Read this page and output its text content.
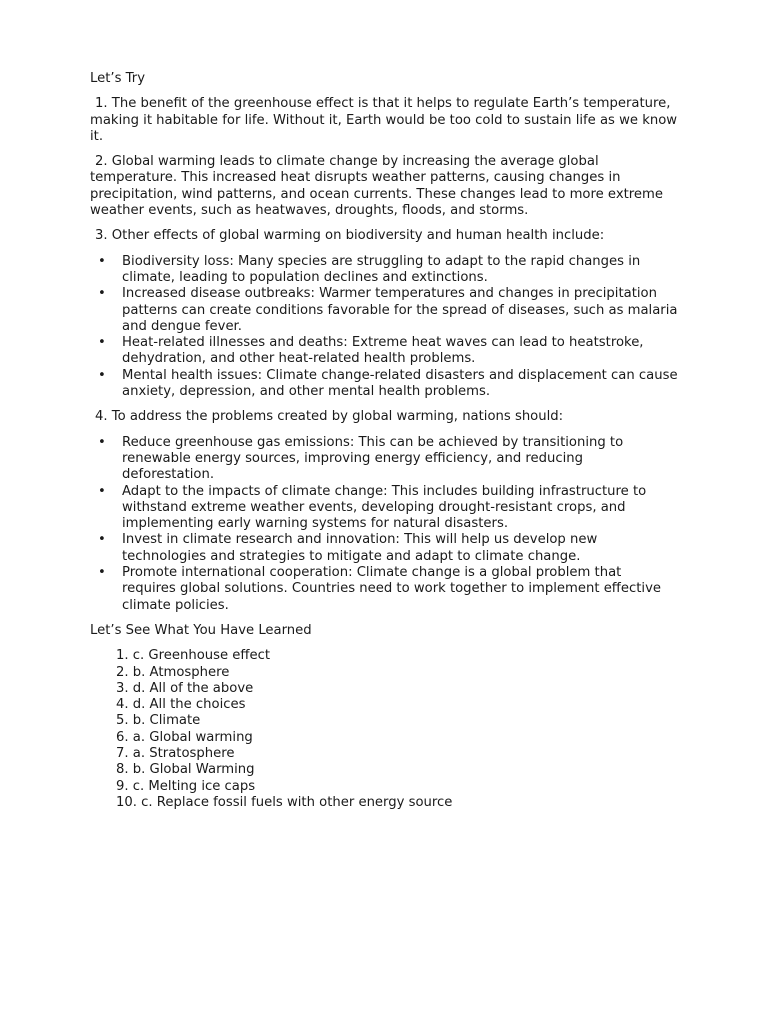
Let’s Try

1. The benefit of the greenhouse effect is that it helps to regulate Earth’s temperature, making it habitable for life. Without it, Earth would be too cold to sustain life as we know it.

2. Global warming leads to climate change by increasing the average global temperature. This increased heat disrupts weather patterns, causing changes in precipitation, wind patterns, and ocean currents. These changes lead to more extreme weather events, such as heatwaves, droughts, floods, and storms.

3. Other effects of global warming on biodiversity and human health include:

• Biodiversity loss: Many species are struggling to adapt to the rapid changes in climate, leading to population declines and extinctions.
• Increased disease outbreaks: Warmer temperatures and changes in precipitation patterns can create conditions favorable for the spread of diseases, such as malaria and dengue fever.
• Heat-related illnesses and deaths: Extreme heat waves can lead to heatstroke, dehydration, and other heat-related health problems.
• Mental health issues: Climate change-related disasters and displacement can cause anxiety, depression, and other mental health problems.

4. To address the problems created by global warming, nations should:

• Reduce greenhouse gas emissions: This can be achieved by transitioning to renewable energy sources, improving energy efficiency, and reducing deforestation.
• Adapt to the impacts of climate change: This includes building infrastructure to withstand extreme weather events, developing drought-resistant crops, and implementing early warning systems for natural disasters.
• Invest in climate research and innovation: This will help us develop new technologies and strategies to mitigate and adapt to climate change.
• Promote international cooperation: Climate change is a global problem that requires global solutions. Countries need to work together to implement effective climate policies.

Let’s See What You Have Learned

1. c. Greenhouse effect
2. b. Atmosphere
3. d. All of the above
4. d. All the choices
5. b. Climate
6. a. Global warming
7. a. Stratosphere
8. b. Global Warming
9. c. Melting ice caps
10. c. Replace fossil fuels with other energy source
